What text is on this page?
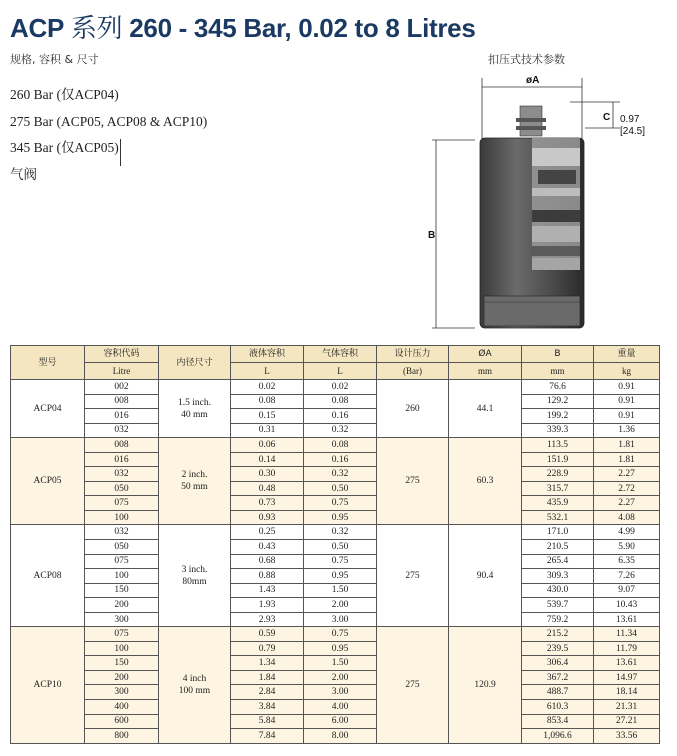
ACP 系列 260 - 345 Bar, 0.02 to 8 Litres
规格, 容积 & 尺寸	扣压式技术参数
260 Bar (仅ACP04)
275 Bar (ACP05, ACP08 & ACP10)
345 Bar (仅ACP05)
气阀
øA
C 0.97
[24.5]
B
型号	容积代码	内径尺寸	液体容积	气体容积	设计压力	ØA	B	重量
	Litre		L	L	(Bar)	mm	mm	kg
ACP04	002	1.5 inch.
40 mm	0.02	0.02	260	44.1	76.6	0.91
	008		0.08	0.08			129.2	0.91
	016		0.15	0.16			199.2	0.91
	032		0.31	0.32			339.3	1.36
ACP05	008	2 inch.
50 mm	0.06	0.08	275	60.3	113.5	1.81
	016		0.14	0.16			151.9	1.81
	032		0.30	0.32			228.9	2.27
	050		0.48	0.50			315.7	2.72
	075		0.73	0.75			435.9	2.27
	100		0.93	0.95			532.1	4.08
ACP08	032	3 inch.
80mm	0.25	0.32	275	90.4	171.0	4.99
	050		0.43	0.50			210.5	5.90
	075		0.68	0.75			265.4	6.35
	100		0.88	0.95			309.3	7.26
	150		1.43	1.50			430.0	9.07
	200		1.93	2.00			539.7	10.43
	300		2.93	3.00			759.2	13.61
ACP10	075	4 inch
100 mm	0.59	0.75	275	120.9	215.2	11.34
	100		0.79	0.95			239.5	11.79
	150		1.34	1.50			306.4	13.61
	200		1.84	2.00			367.2	14.97
	300		2.84	3.00			488.7	18.14
	400		3.84	4.00			610.3	21.31
	600		5.84	6.00			853.4	27.21
	800		7.84	8.00			1,096.6	33.56
